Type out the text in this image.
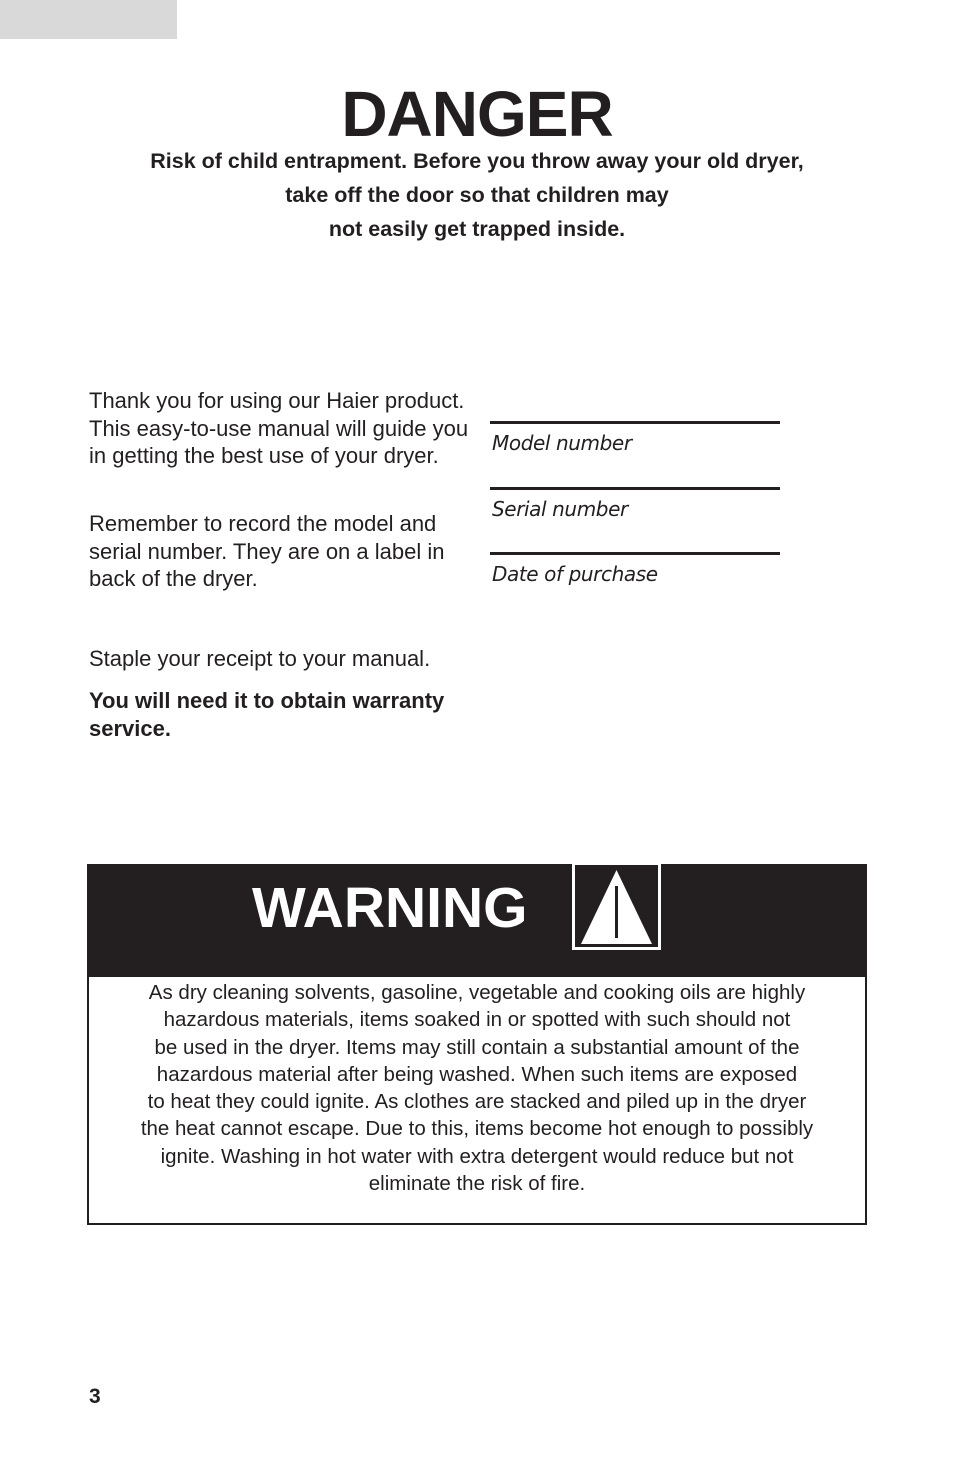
DANGER
Risk of child entrapment. Before you throw away your old dryer,
take off the door so that children may
not easily get trapped inside.

Thank you for using our Haier product. This easy-to-use manual will guide you in getting the best use of your dryer.

Remember to record the model and serial number. They are on a label in back of the dryer.

Staple your receipt to your manual.

You will need it to obtain warranty service.

Model number
Serial number
Date of purchase
WARNING
As dry cleaning solvents, gasoline, vegetable and cooking oils are highly
hazardous materials, items soaked in or spotted with such should not
be used in the dryer. Items may still contain a substantial amount of the
hazardous material after being washed. When such items are exposed
to heat they could ignite. As clothes are stacked and piled up in the dryer
the heat cannot escape. Due to this, items become hot enough to possibly
ignite. Washing in hot water with extra detergent would reduce but not
eliminate the risk of fire.
3
